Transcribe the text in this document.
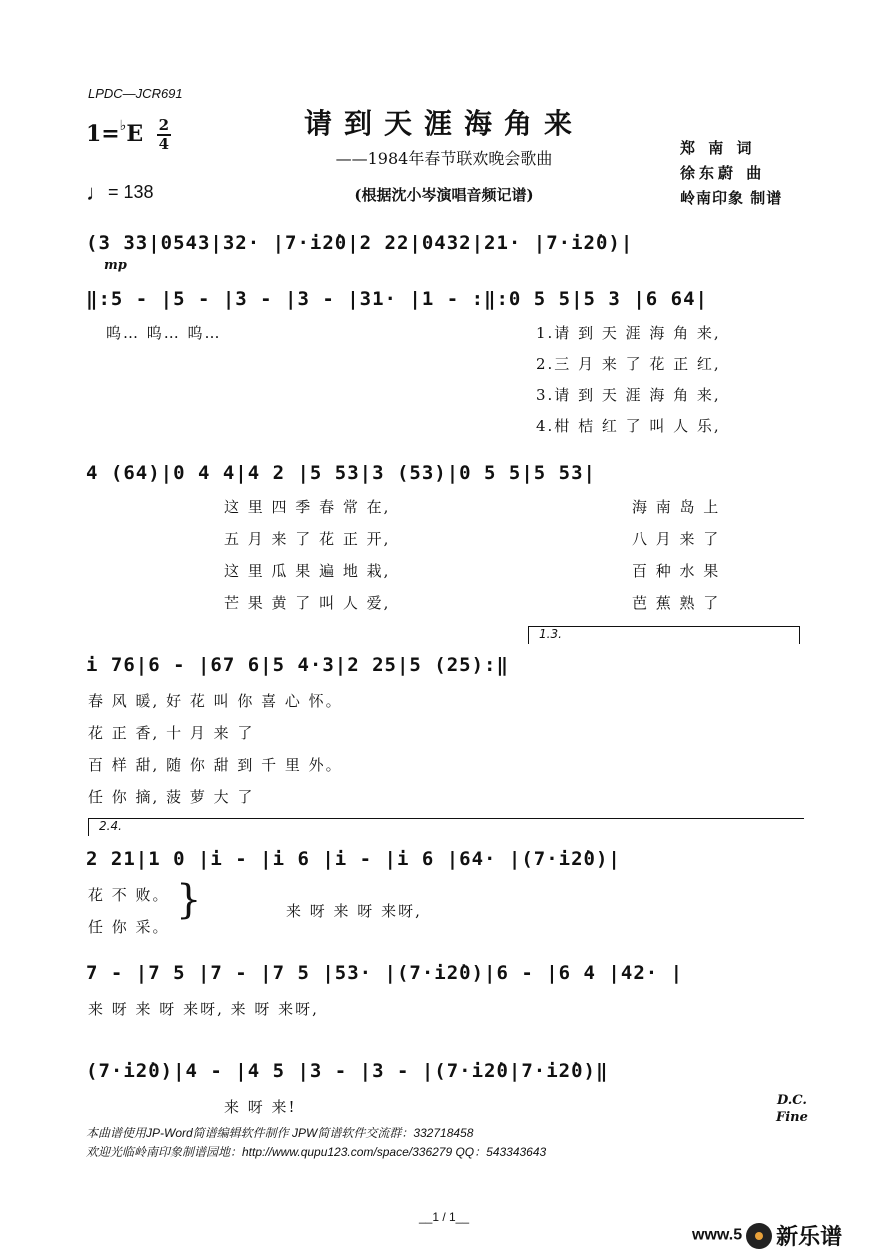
LPDC—JCR691
请到天涯海角来
——1984年春节联欢晚会歌曲
(根据沈小岑演唱音频记谱)
$1=^♭E \frac{2}{4}$
♩= 138
郑 南 词
徐东蔚 曲
岭南印象 制谱
(3 33|0543|32· |7·i2̇0|2 22|0432|21· |7·i2̇0)|
mp
‖:5 - |5 - |3 - |3 - |31· |1 - :‖:0 5 5|5 3 |6 64|
呜… 呜… 呜…	1.请 到 天 涯 海 角 来,
2.三 月 来 了 花 正 红,
3.请 到 天 涯 海 角 来,
4.柑 桔 红 了 叫 人 乐,
4 (64)|0 4 4|4 2 |5 53|3 (53)|0 5 5|5 53|
这 里 四 季 春 常 在,
五 月 来 了 花 正 开,
这 里 瓜 果 遍 地 栽,
芒 果 黄 了 叫 人 爱,
海 南 岛 上
八 月 来 了
百 种 水 果
芭 蕉 熟 了
1.3.
i 76|6 - |67 6|5 4·3|2 25|5 (25):‖
春 风 暖, 好 花 叫 你 喜 心 怀。
花 正 香, 十 月 来 了
百 样 甜, 随 你 甜 到 千 里 外。
任 你 摘, 菠 萝 大 了
2.4.
2 21|1 0 |i - |i 6 |i - |i 6 |64· |(7·i2̇0)|
花 不 败。
任 你 采。
}	来 呀 来 呀 来呀,
7 - |7 5 |7 - |7 5 |53· |(7·i2̇0)|6 - |6 4 |42· |
来 呀 来 呀 来呀, 来 呀 来呀,
(7·i2̇0)|4 - |4 5 |3 - |3 - |(7·i2̇0|7·i2̇0)‖
来 呀 来!	D.C.
Fine
本曲谱使用JP-Word简谱编辑软件制作 JPW简谱软件交流群：332718458
欢迎光临岭南印象制谱园地：http://www.qupu123.com/space/336279 QQ：543343643
__1 / 1__
www.5 新乐谱
